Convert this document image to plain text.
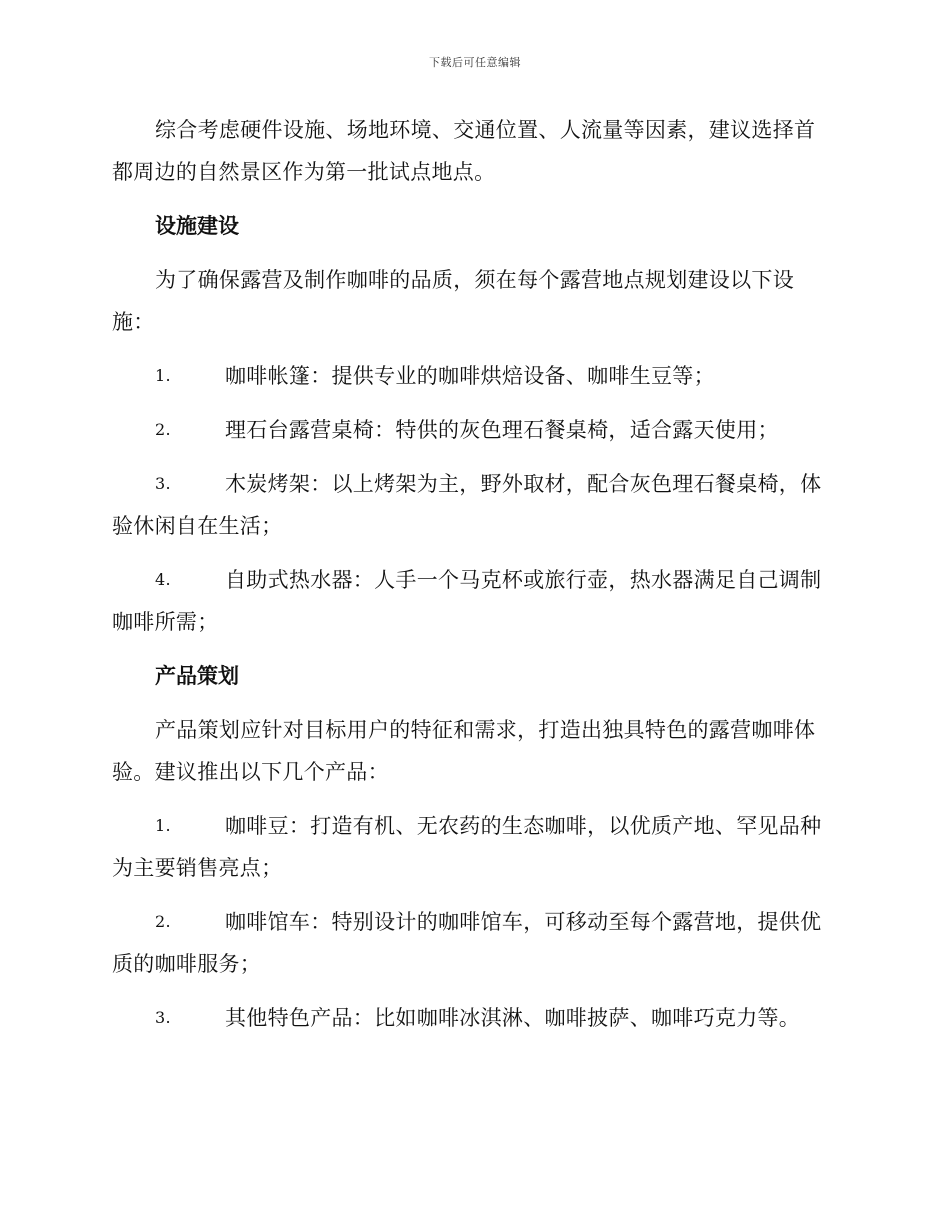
下载后可任意编辑

综合考虑硬件设施、场地环境、交通位置、人流量等因素，建议选择首都周边的自然景区作为第一批试点地点。

设施建设

为了确保露营及制作咖啡的品质，须在每个露营地点规划建设以下设施：

1.	咖啡帐篷：提供专业的咖啡烘焙设备、咖啡生豆等；

2.	理石台露营桌椅：特供的灰色理石餐桌椅，适合露天使用；

3.	木炭烤架：以上烤架为主，野外取材，配合灰色理石餐桌椅，体验休闲自在生活；

4.	自助式热水器：人手一个马克杯或旅行壶，热水器满足自己调制咖啡所需；

产品策划

产品策划应针对目标用户的特征和需求，打造出独具特色的露营咖啡体验。建议推出以下几个产品：

1.	咖啡豆：打造有机、无农药的生态咖啡，以优质产地、罕见品种为主要销售亮点；

2.	咖啡馆车：特别设计的咖啡馆车，可移动至每个露营地，提供优质的咖啡服务；

3.	其他特色产品：比如咖啡冰淇淋、咖啡披萨、咖啡巧克力等。
